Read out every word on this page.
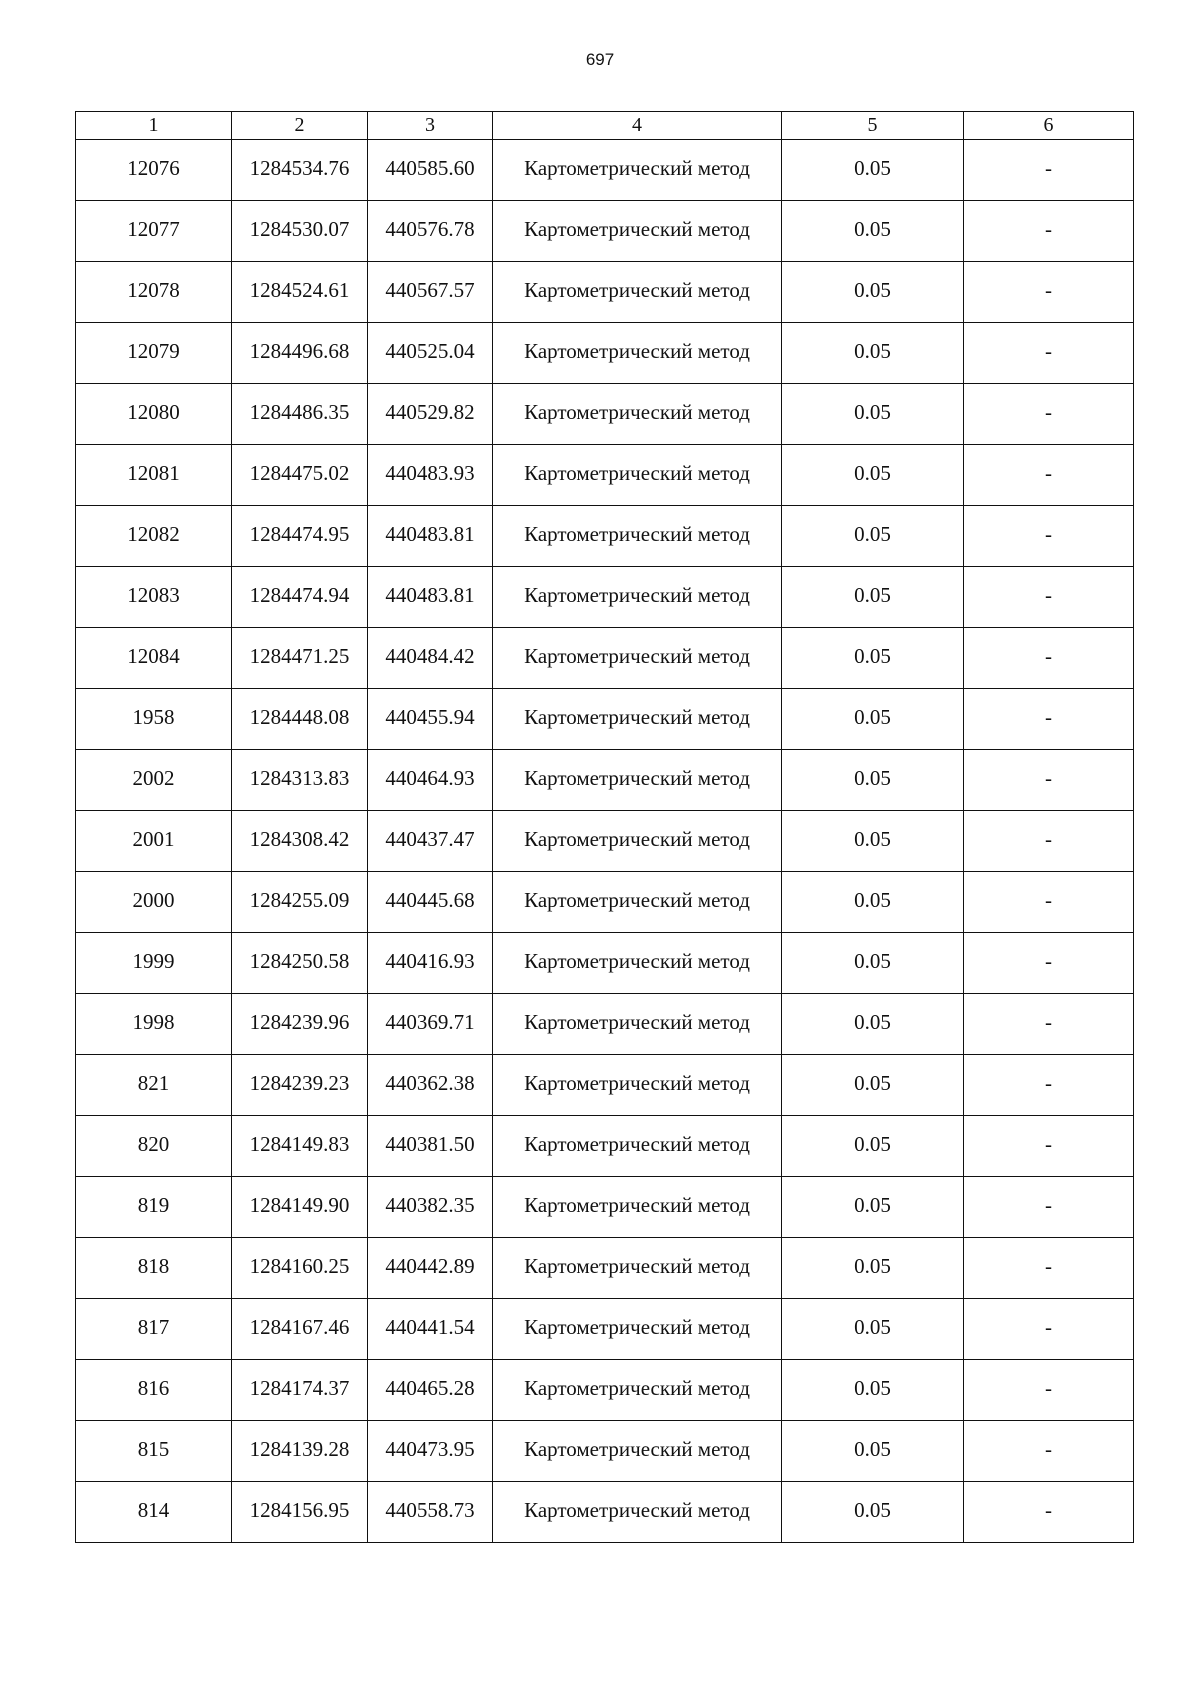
697
1	2	3	4	5	6
12076	1284534.76	440585.60	Картометрический метод	0.05	-
12077	1284530.07	440576.78	Картометрический метод	0.05	-
12078	1284524.61	440567.57	Картометрический метод	0.05	-
12079	1284496.68	440525.04	Картометрический метод	0.05	-
12080	1284486.35	440529.82	Картометрический метод	0.05	-
12081	1284475.02	440483.93	Картометрический метод	0.05	-
12082	1284474.95	440483.81	Картометрический метод	0.05	-
12083	1284474.94	440483.81	Картометрический метод	0.05	-
12084	1284471.25	440484.42	Картометрический метод	0.05	-
1958	1284448.08	440455.94	Картометрический метод	0.05	-
2002	1284313.83	440464.93	Картометрический метод	0.05	-
2001	1284308.42	440437.47	Картометрический метод	0.05	-
2000	1284255.09	440445.68	Картометрический метод	0.05	-
1999	1284250.58	440416.93	Картометрический метод	0.05	-
1998	1284239.96	440369.71	Картометрический метод	0.05	-
821	1284239.23	440362.38	Картометрический метод	0.05	-
820	1284149.83	440381.50	Картометрический метод	0.05	-
819	1284149.90	440382.35	Картометрический метод	0.05	-
818	1284160.25	440442.89	Картометрический метод	0.05	-
817	1284167.46	440441.54	Картометрический метод	0.05	-
816	1284174.37	440465.28	Картометрический метод	0.05	-
815	1284139.28	440473.95	Картометрический метод	0.05	-
814	1284156.95	440558.73	Картометрический метод	0.05	-
